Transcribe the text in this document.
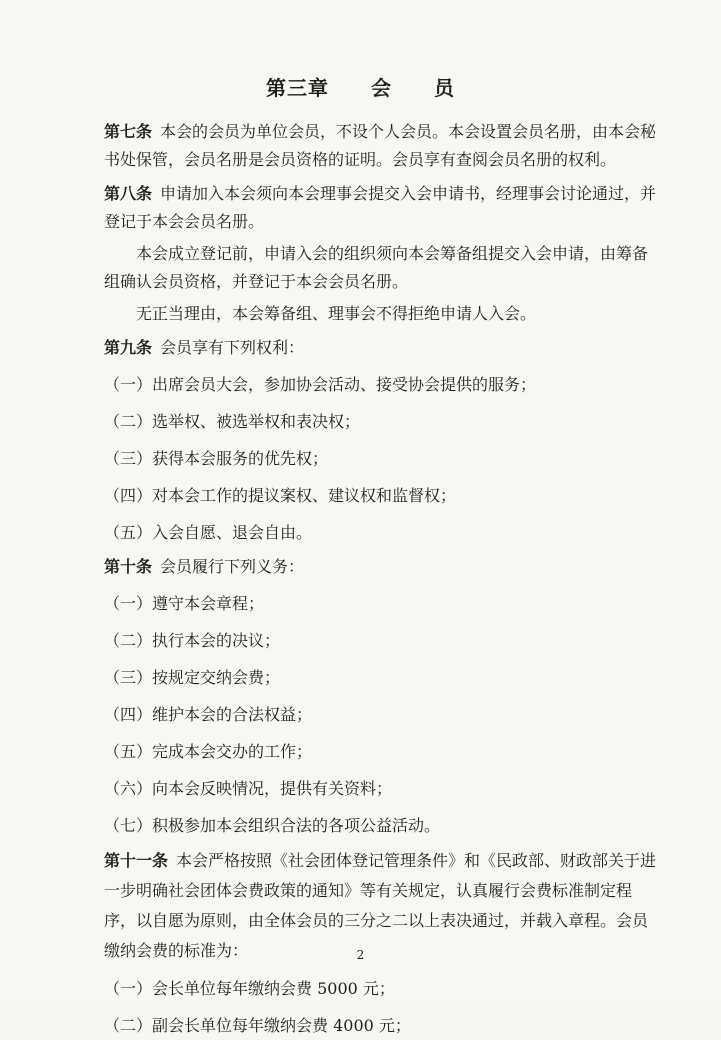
第三章　　会　　员

第七条 本会的会员为单位会员，不设个人会员。本会设置会员名册，由本会秘书处保管，会员名册是会员资格的证明。会员享有查阅会员名册的权利。

第八条 申请加入本会须向本会理事会提交入会申请书，经理事会讨论通过，并登记于本会会员名册。

本会成立登记前，申请入会的组织须向本会筹备组提交入会申请，由筹备组确认会员资格，并登记于本会会员名册。

无正当理由，本会筹备组、理事会不得拒绝申请人入会。

第九条 会员享有下列权利：

（一）出席会员大会，参加协会活动、接受协会提供的服务；

（二）选举权、被选举权和表决权；

（三）获得本会服务的优先权；

（四）对本会工作的提议案权、建议权和监督权；

（五）入会自愿、退会自由。

第十条 会员履行下列义务：

（一）遵守本会章程；

（二）执行本会的决议；

（三）按规定交纳会费；

（四）维护本会的合法权益；

（五）完成本会交办的工作；

（六）向本会反映情况，提供有关资料；

（七）积极参加本会组织合法的各项公益活动。

第十一条 本会严格按照《社会团体登记管理条件》和《民政部、财政部关于进一步明确社会团体会费政策的通知》等有关规定，认真履行会费标准制定程序，以自愿为原则，由全体会员的三分之二以上表决通过，并载入章程。会员缴纳会费的标准为：

（一）会长单位每年缴纳会费 5000 元；

（二）副会长单位每年缴纳会费 4000 元；

2
